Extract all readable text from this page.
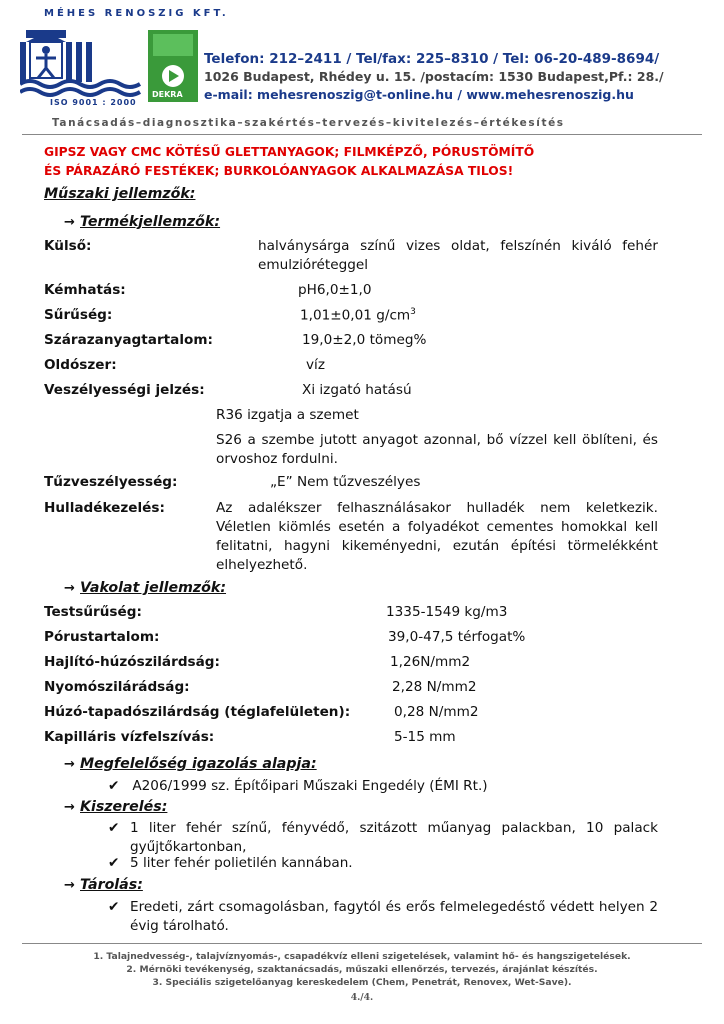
MÉHES RENOSZIG KFT.
ISO 9001 : 2000
DEKRA
Telefon: 212–2411 / Tel/fax: 225–8310 / Tel: 06-20-489-8694/
1026 Budapest, Rhédey u. 15. /postacím: 1530 Budapest,Pf.: 28./
e-mail: mehesrenoszig@t-online.hu / www.mehesrenoszig.hu
Tanácsadás–diagnosztika–szakértés–tervezés–kivitelezés–értékesítés
GIPSZ VAGY CMC KÖTÉSŰ GLETTANYAGOK; FILMKÉPZŐ, PÓRUSTÖMÍTŐ
ÉS PÁRAZÁRÓ FESTÉKEK; BURKOLÓANYAGOK ALKALMAZÁSA TILOS!
Műszaki jellemzők:
→ Termékjellemzők:
Külső:	halványsárga színű vizes oldat, felszínén kiváló fehér emulzióréteggel
Kémhatás:	pH6,0±1,0
Sűrűség:	1,01±0,01 $g/cm^3$
Szárazanyagtartalom:	19,0±2,0 tömeg%
Oldószer:	víz
Veszélyességi jelzés:	Xi izgató hatású
R36 izgatja a szemet
S26 a szembe jutott anyagot azonnal, bő vízzel kell öblíteni, és orvoshoz fordulni.
Tűzveszélyesség:	„E” Nem tűzveszélyes
Hulladékezelés:	Az adalékszer felhasználásakor hulladék nem keletkezik. Véletlen kiömlés esetén a folyadékot cementes homokkal kell felitatni, hagyni kikeményedni, ezután építési törmelékként elhelyezhető.
→ Vakolat jellemzők:
Testsűrűség:	1335-1549 kg/m3
Pórustartalom:	39,0-47,5 térfogat%
Hajlító-húzószilárdság:	1,26N/mm2
Nyomószilárádság:	2,28 N/mm2
Húzó-tapadószilárdság (téglafelületen):	0,28 N/mm2
Kapilláris vízfelszívás:	5-15 mm
→ Megfelelőség igazolás alapja:
✔ A206/1999 sz. Építőipari Műszaki Engedély (ÉMI Rt.)
→ Kiszerelés:
✔ 1 liter fehér színű, fényvédő, szitázott műanyag palackban, 10 palack gyűjtőkartonban,
✔ 5 liter fehér polietilén kannában.
→ Tárolás:
✔ Eredeti, zárt csomagolásban, fagytól és erős felmelegedéstő védett helyen 2 évig tárolható.
1. Talajnedvesség-, talajvíznyomás-, csapadékvíz elleni szigetelések, valamint hő- és hangszigetelések.
2. Mérnöki tevékenység, szaktanácsadás, műszaki ellenőrzés, tervezés, árajánlat készítés.
3. Speciális szigetelőanyag kereskedelem (Chem, Penetrát, Renovex, Wet-Save).
4./4.
